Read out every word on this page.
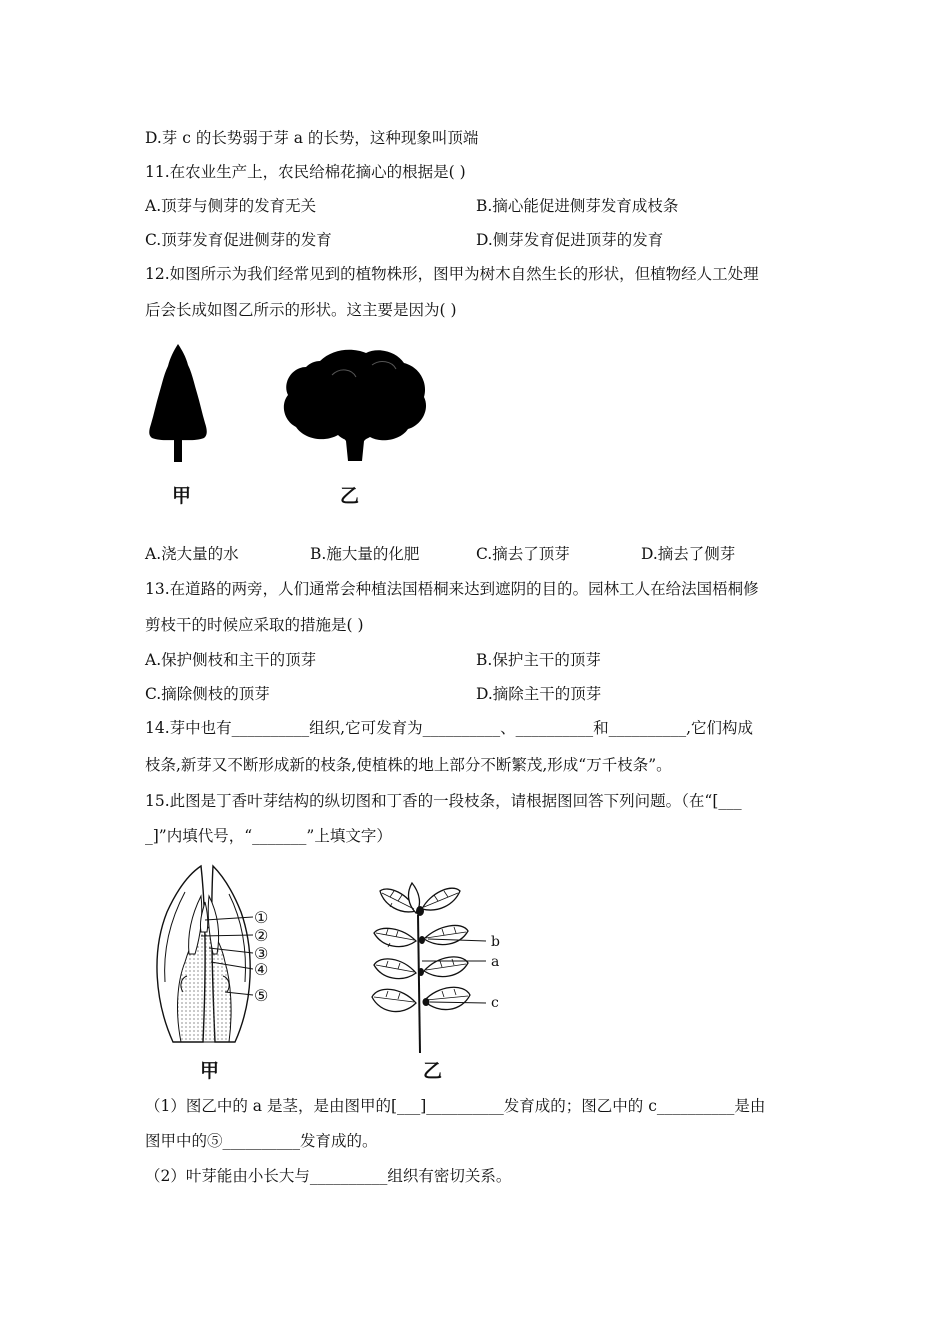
D.芽 c 的长势弱于芽 a 的长势，这种现象叫顶端
11.在农业生产上，农民给棉花摘心的根据是( )
A.顶芽与侧芽的发育无关	B.摘心能促进侧芽发育成枝条
C.顶芽发育促进侧芽的发育	D.侧芽发育促进顶芽的发育
12.如图所示为我们经常见到的植物株形，图甲为树木自然生长的形状，但植物经人工处理
后会长成如图乙所示的形状。这主要是因为( )
甲	乙
A.浇大量的水	B.施大量的化肥	C.摘去了顶芽	D.摘去了侧芽
13.在道路的两旁，人们通常会种植法国梧桐来达到遮阴的目的。园林工人在给法国梧桐修
剪枝干的时候应采取的措施是( )
A.保护侧枝和主干的顶芽	B.保护主干的顶芽
C.摘除侧枝的顶芽	D.摘除主干的顶芽
14.芽中也有__________组织,它可发育为__________、__________和__________,它们构成
枝条,新芽又不断形成新的枝条,使植株的地上部分不断繁茂,形成“万千枝条”。
15.此图是丁香叶芽结构的纵切图和丁香的一段枝条，请根据图回答下列问题。（在“[___
_]”内填代号，“_______”上填文字）
①
②
③
④
⑤
甲
b
a
c
乙
（1）图乙中的 a 是茎，是由图甲的[___]__________发育成的；图乙中的 c__________是由
图甲中的⑤__________发育成的。
（2）叶芽能由小长大与__________组织有密切关系。
